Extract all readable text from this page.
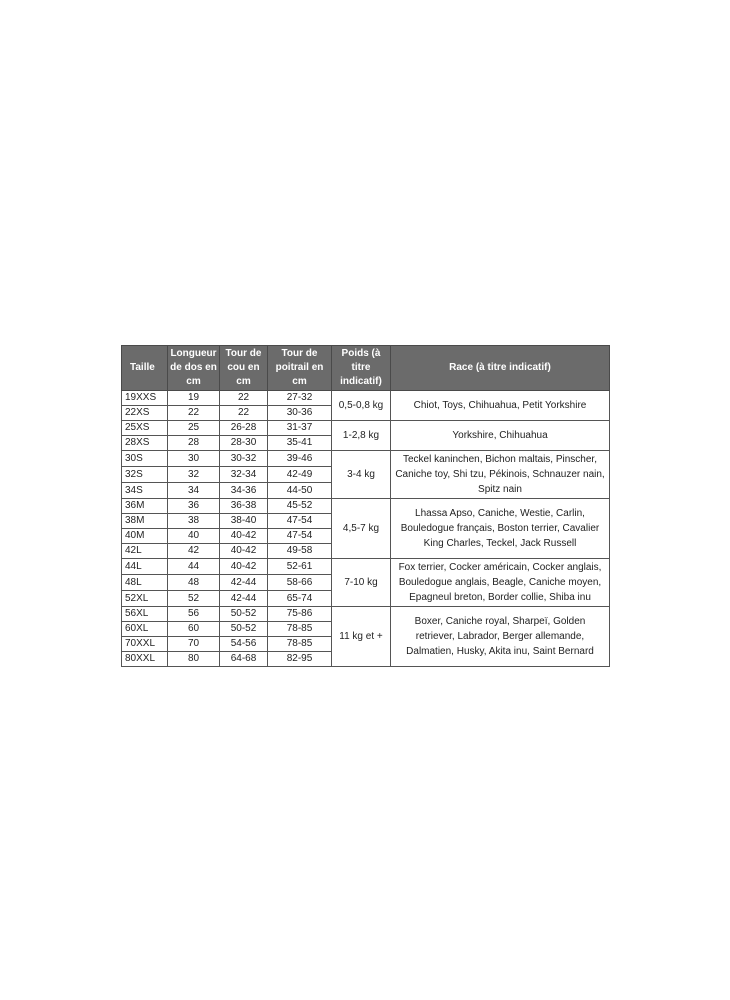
Taille	Longueur de dos en cm	Tour de cou en cm	Tour de poitrail en cm	Poids (à titre indicatif)	Race (à titre indicatif)
19XXS	19	22	27-32	0,5-0,8 kg	Chiot, Toys, Chihuahua, Petit Yorkshire
22XS	22	22	30-36		
25XS	25	26-28	31-37	1-2,8 kg	Yorkshire, Chihuahua
28XS	28	28-30	35-41		
30S	30	30-32	39-46	3-4 kg	Teckel kaninchen, Bichon maltais, Pinscher, Caniche toy, Shi tzu, Pékinois, Schnauzer nain, Spitz nain
32S	32	32-34	42-49		
34S	34	34-36	44-50		
36M	36	36-38	45-52	4,5-7 kg	Lhassa Apso, Caniche, Westie, Carlin, Bouledogue français, Boston terrier, Cavalier King Charles, Teckel, Jack Russell
38M	38	38-40	47-54		
40M	40	40-42	47-54		
42L	42	40-42	49-58		
44L	44	40-42	52-61	7-10 kg	Fox terrier, Cocker américain, Cocker anglais, Bouledogue anglais, Beagle, Caniche moyen, Epagneul breton, Border collie, Shiba inu
48L	48	42-44	58-66		
52XL	52	42-44	65-74		
56XL	56	50-52	75-86	11 kg et +	Boxer, Caniche royal, Sharpeï, Golden retriever, Labrador, Berger allemande, Dalmatien, Husky, Akita inu, Saint Bernard
60XL	60	50-52	78-85		
70XXL	70	54-56	78-85		
80XXL	80	64-68	82-95		
